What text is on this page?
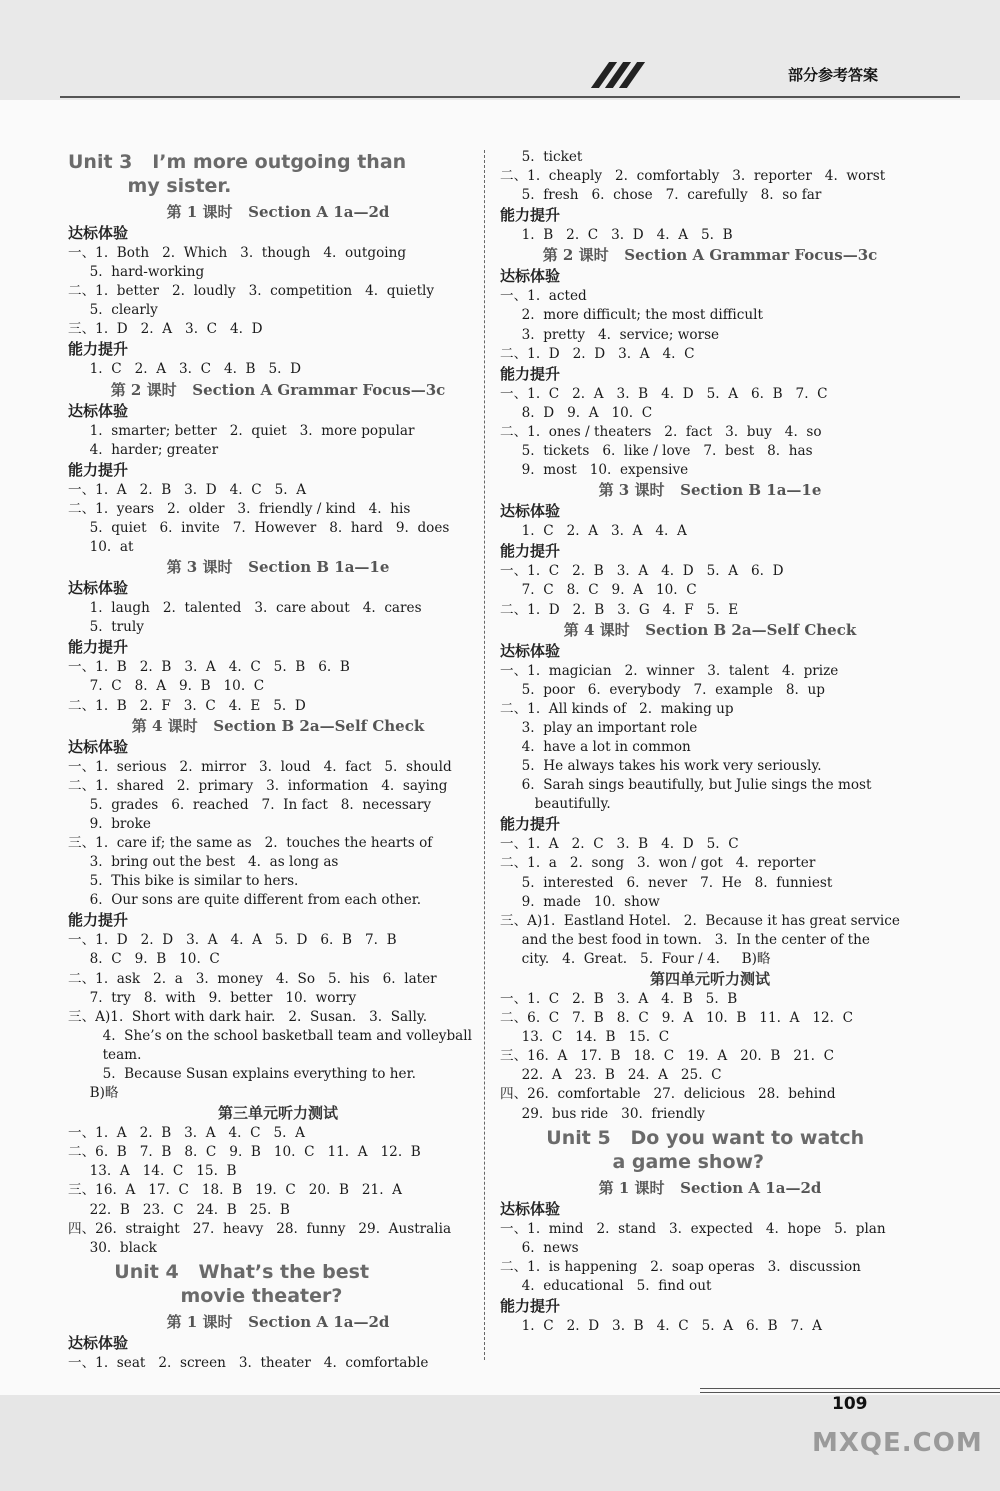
部分参考答案
Unit 3   I’m more outgoing than
my sister.
第 1 课时   Section A 1a—2d
达标体验
一、1.  Both   2.  Which   3.  though   4.  outgoing
5.  hard-working
二、1.  better   2.  loudly   3.  competition   4.  quietly
5.  clearly
三、1.  D   2.  A   3.  C   4.  D
能力提升
1.  C   2.  A   3.  C   4.  B   5.  D
第 2 课时   Section A Grammar Focus—3c
达标体验
1.  smarter; better   2.  quiet   3.  more popular
4.  harder; greater
能力提升
一、1.  A   2.  B   3.  D   4.  C   5.  A
二、1.  years   2.  older   3.  friendly / kind   4.  his
5.  quiet   6.  invite   7.  However   8.  hard   9.  does
10.  at
第 3 课时   Section B 1a—1e
达标体验
1.  laugh   2.  talented   3.  care about   4.  cares
5.  truly
能力提升
一、1.  B   2.  B   3.  A   4.  C   5.  B   6.  B
7.  C   8.  A   9.  B   10.  C
二、1.  B   2.  F   3.  C   4.  E   5.  D
第 4 课时   Section B 2a—Self Check
达标体验
一、1.  serious   2.  mirror   3.  loud   4.  fact   5.  should
二、1.  shared   2.  primary   3.  information   4.  saying
5.  grades   6.  reached   7.  In fact   8.  necessary
9.  broke
三、1.  care if; the same as   2.  touches the hearts of
3.  bring out the best   4.  as long as
5.  This bike is similar to hers.
6.  Our sons are quite different from each other.
能力提升
一、1.  D   2.  D   3.  A   4.  A   5.  D   6.  B   7.  B
8.  C   9.  B   10.  C
二、1.  ask   2.  a   3.  money   4.  So   5.  his   6.  later
7.  try   8.  with   9.  better   10.  worry
三、A)1.  Short with dark hair.   2.  Susan.   3.  Sally.
4.  She’s on the school basketball team and volleyball
team.
5.  Because Susan explains everything to her.
B)略
第三单元听力测试
一、1.  A   2.  B   3.  A   4.  C   5.  A
二、6.  B   7.  B   8.  C   9.  B   10.  C   11.  A   12.  B
13.  A   14.  C   15.  B
三、16.  A   17.  C   18.  B   19.  C   20.  B   21.  A
22.  B   23.  C   24.  B   25.  B
四、26.  straight   27.  heavy   28.  funny   29.  Australia
30.  black
Unit 4   What’s the best
movie theater?
第 1 课时   Section A 1a—2d
达标体验
一、1.  seat   2.  screen   3.  theater   4.  comfortable
5.  ticket
二、1.  cheaply   2.  comfortably   3.  reporter   4.  worst
5.  fresh   6.  chose   7.  carefully   8.  so far
能力提升
1.  B   2.  C   3.  D   4.  A   5.  B
第 2 课时   Section A Grammar Focus—3c
达标体验
一、1.  acted
2.  more difficult; the most difficult
3.  pretty   4.  service; worse
二、1.  D   2.  D   3.  A   4.  C
能力提升
一、1.  C   2.  A   3.  B   4.  D   5.  A   6.  B   7.  C
8.  D   9.  A   10.  C
二、1.  ones / theaters   2.  fact   3.  buy   4.  so
5.  tickets   6.  like / love   7.  best   8.  has
9.  most   10.  expensive
第 3 课时   Section B 1a—1e
达标体验
1.  C   2.  A   3.  A   4.  A
能力提升
一、1.  C   2.  B   3.  A   4.  D   5.  A   6.  D
7.  C   8.  C   9.  A   10.  C
二、1.  D   2.  B   3.  G   4.  F   5.  E
第 4 课时   Section B 2a—Self Check
达标体验
一、1.  magician   2.  winner   3.  talent   4.  prize
5.  poor   6.  everybody   7.  example   8.  up
二、1.  All kinds of   2.  making up
3.  play an important role
4.  have a lot in common
5.  He always takes his work very seriously.
6.  Sarah sings beautifully, but Julie sings the most
beautifully.
能力提升
一、1.  A   2.  C   3.  B   4.  D   5.  C
二、1.  a   2.  song   3.  won / got   4.  reporter
5.  interested   6.  never   7.  He   8.  funniest
9.  made   10.  show
三、A)1.  Eastland Hotel.   2.  Because it has great service
and the best food in town.   3.  In the center of the
city.   4.  Great.   5.  Four / 4.     B)略
第四单元听力测试
一、1.  C   2.  B   3.  A   4.  B   5.  B
二、6.  C   7.  B   8.  C   9.  A   10.  B   11.  A   12.  C
13.  C   14.  B   15.  C
三、16.  A   17.  B   18.  C   19.  A   20.  B   21.  C
22.  A   23.  B   24.  A   25.  C
四、26.  comfortable   27.  delicious   28.  behind
29.  bus ride   30.  friendly
Unit 5   Do you want to watch
a game show?
第 1 课时   Section A 1a—2d
达标体验
一、1.  mind   2.  stand   3.  expected   4.  hope   5.  plan
6.  news
二、1.  is happening   2.  soap operas   3.  discussion
4.  educational   5.  find out
能力提升
1.  C   2.  D   3.  B   4.  C   5.  A   6.  B   7.  A
109
MXQE.COM
